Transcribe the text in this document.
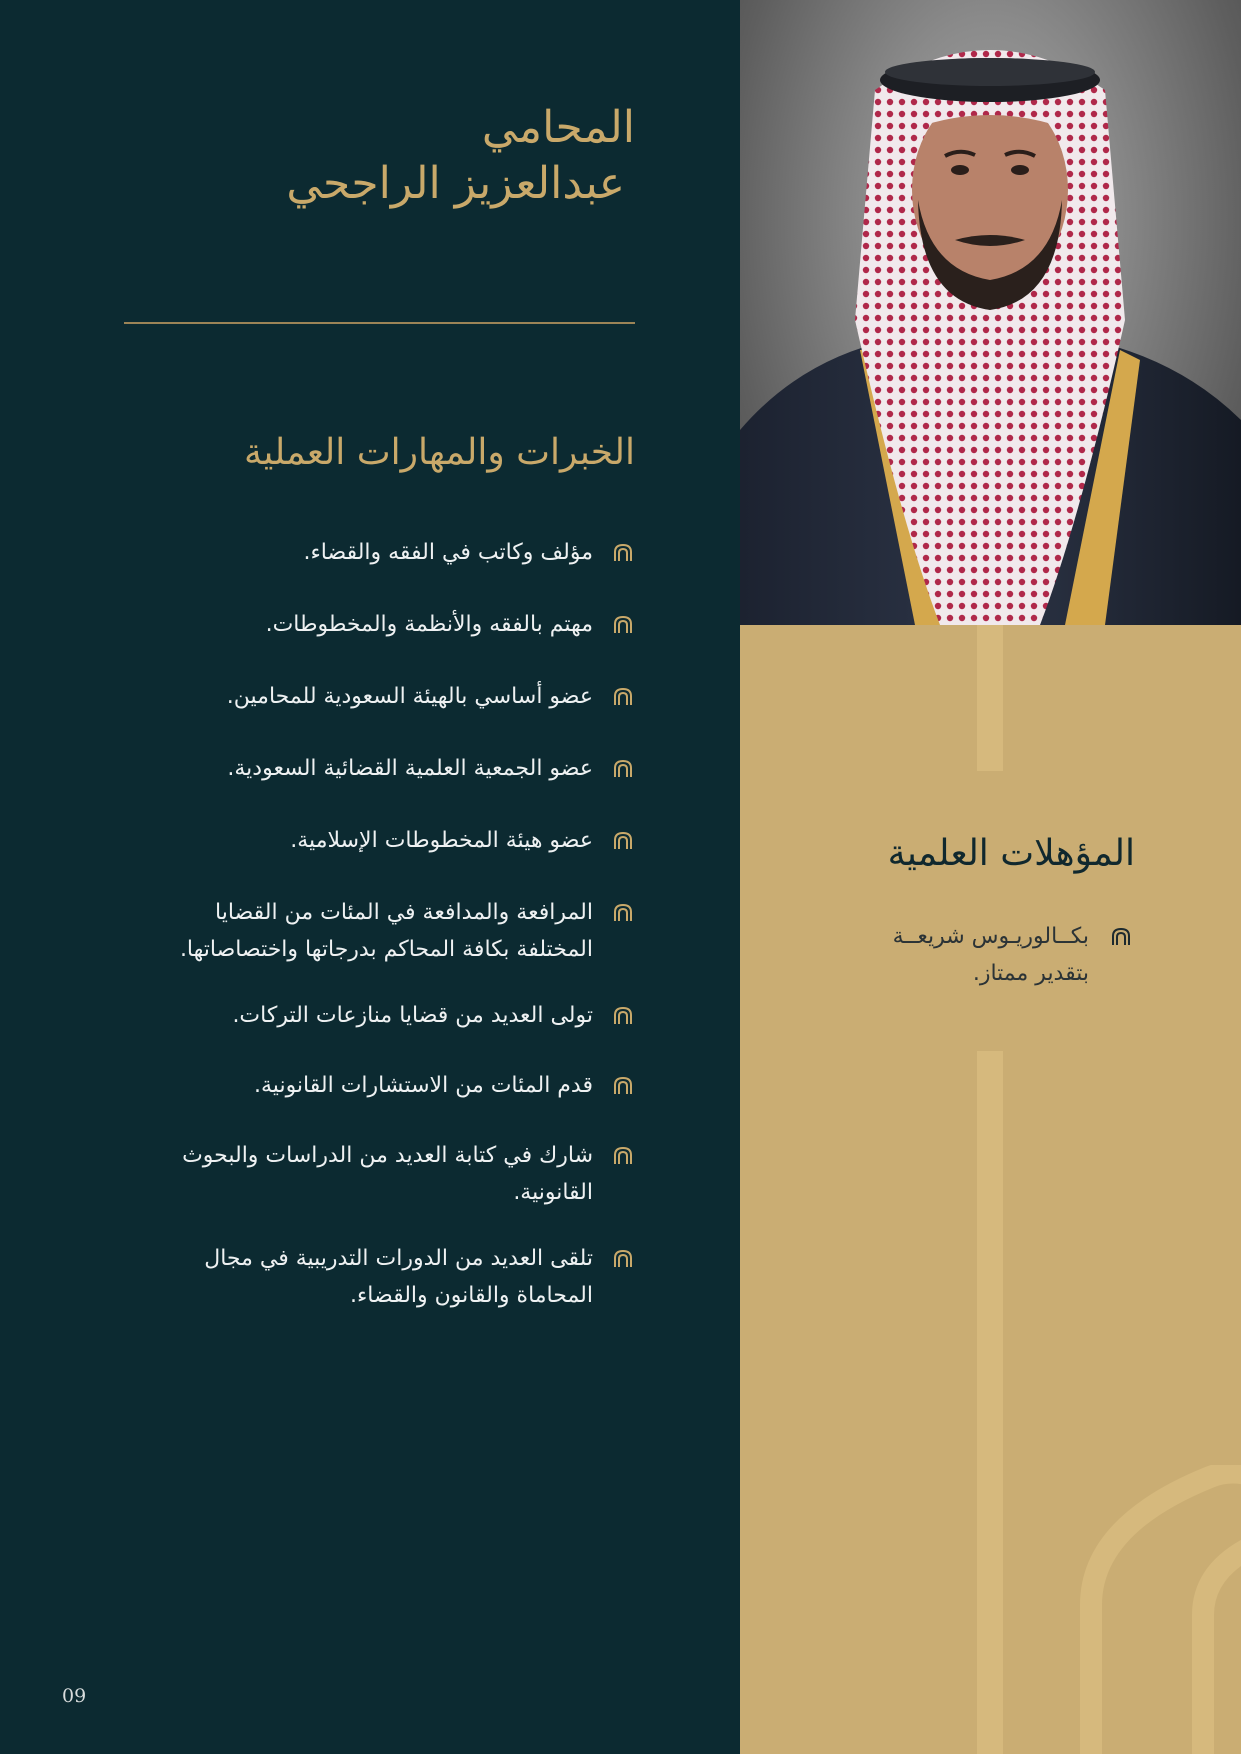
المحامي
عبدالعزيز الراجحي
الخبرات والمهارات العملية
مؤلف وكاتب في الفقه والقضاء.
مهتم بالفقه والأنظمة والمخطوطات.
عضو أساسي بالهيئة السعودية للمحامين.
عضو الجمعية العلمية القضائية السعودية.
عضو هيئة المخطوطات الإسلامية.
المرافعة والمدافعة في المئات من القضايا المختلفة بكافة المحاكم بدرجاتها واختصاصاتها.
تولى العديد من قضايا منازعات التركات.
قدم المئات من الاستشارات القانونية.
شارك في كتابة العديد من الدراسات والبحوث القانونية.
تلقى العديد من الدورات التدريبية في مجال المحاماة والقانون والقضاء.
09
المؤهلات العلمية
بكــالوريـوس شريعــة بتقدير ممتاز.
